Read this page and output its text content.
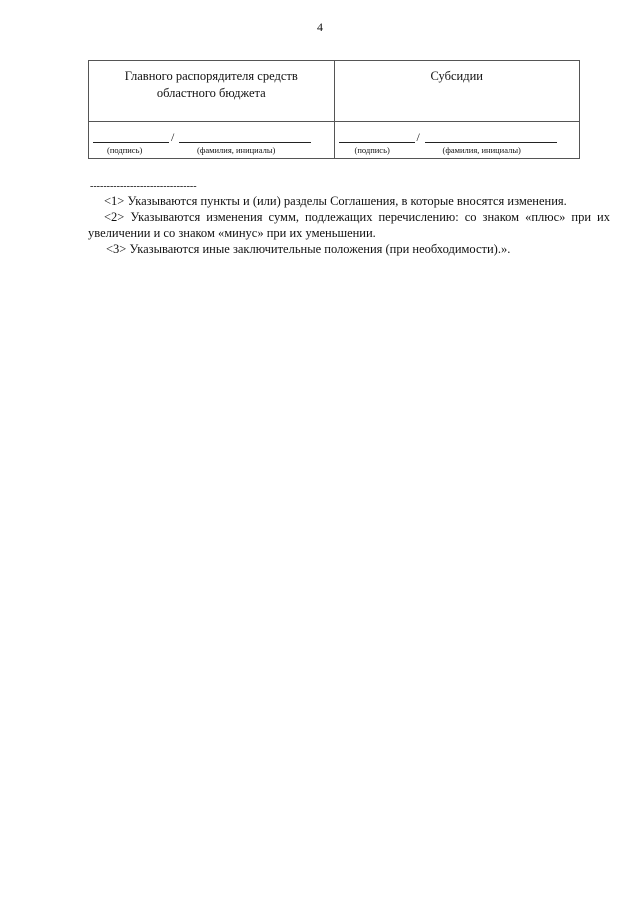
4
Главного распорядителя средств
областного бюджета
/
(подпись)	(фамилия, инициалы)
Субсидии
/
(подпись)	(фамилия, инициалы)
--------------------------------

<1> Указываются пункты и (или) разделы Соглашения, в которые вносятся изменения.

<2> Указываются изменения сумм, подлежащих перечислению: со знаком «плюс» при их увеличении и со знаком «минус» при их уменьшении.

<3> Указываются иные заключительные положения (при необходимости).».
